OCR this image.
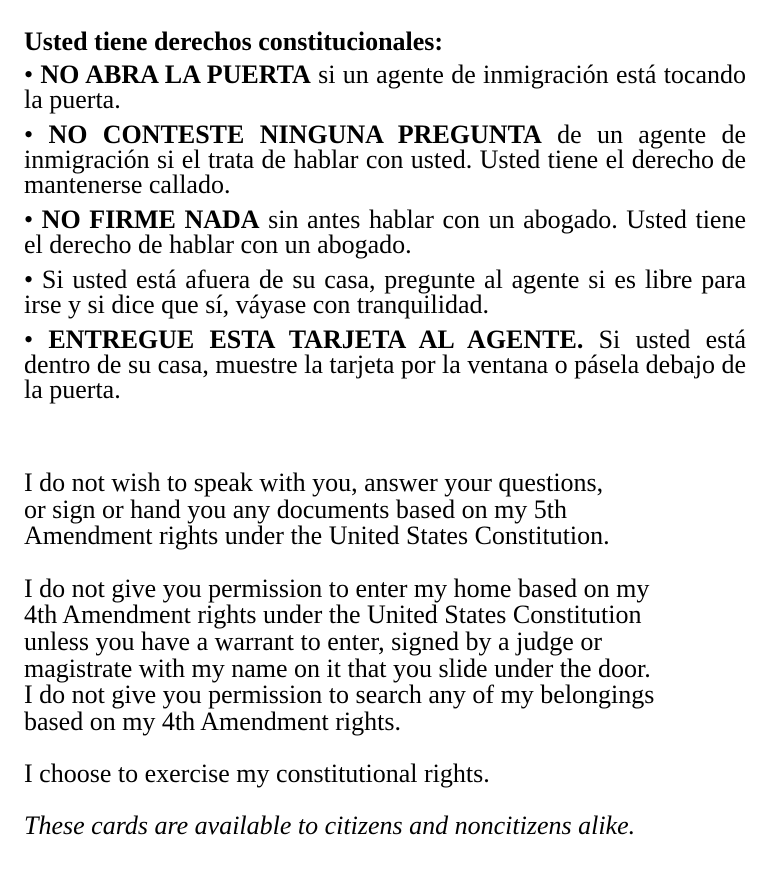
Usted tiene derechos constitucionales:
• NO ABRA LA PUERTA si un agente de inmigración está tocando la puerta.
• NO CONTESTE NINGUNA PREGUNTA de un agente de inmigración si el trata de hablar con usted. Usted tiene el derecho de mantenerse callado.
• NO FIRME NADA sin antes hablar con un abogado. Usted tiene el derecho de hablar con un abogado.
• Si usted está afuera de su casa, pregunte al agente si es libre para irse y si dice que sí, váyase con tranquilidad.
• ENTREGUE ESTA TARJETA AL AGENTE. Si usted está dentro de su casa, muestre la tarjeta por la ventana o pásela debajo de la puerta.
I do not wish to speak with you, answer your questions,
or sign or hand you any documents based on my 5th
Amendment rights under the United States Constitution.
I do not give you permission to enter my home based on my
4th Amendment rights under the United States Constitution
unless you have a warrant to enter, signed by a judge or
magistrate with my name on it that you slide under the door.
I do not give you permission to search any of my belongings
based on my 4th Amendment rights.
I choose to exercise my constitutional rights.
These cards are available to citizens and noncitizens alike.
